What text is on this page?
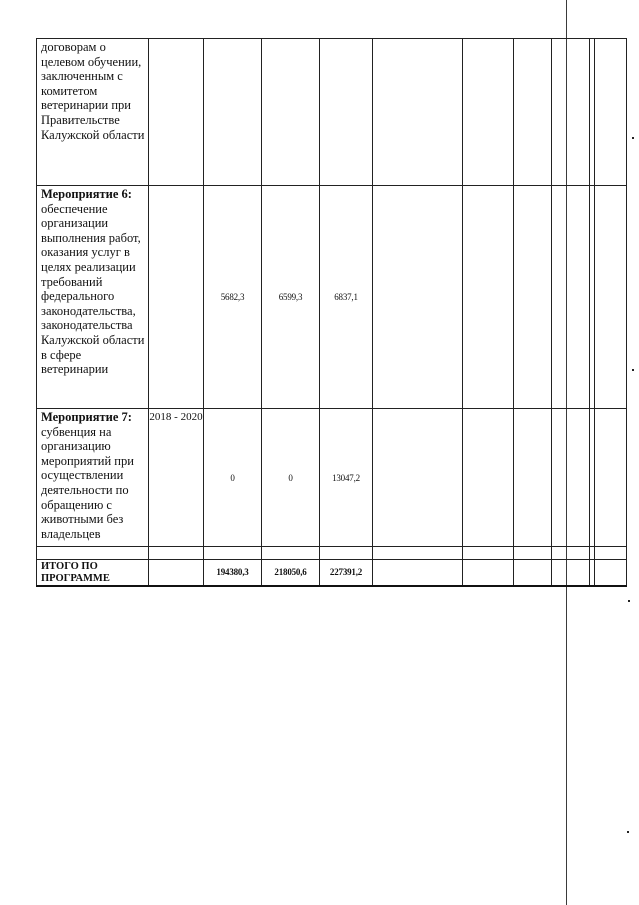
договорам о целевом обучении, заключенным с комитетом ветеринарии при Правительстве Калужской области										
Мероприятие 6:
обеспечение организации выполнения работ, оказания услуг в целях реализации требований федерального законодательства, законодательства Калужской области в сфере ветеринарии		5682,3	6599,3	6837,1						
Мероприятие 7:
субвенция на организацию мероприятий при осуществлении деятельности по обращению с животными без владельцев	2018 - 2020	0	0	13047,2						

ИТОГО ПО ПРОГРАММЕ		194380,3	218050,6	227391,2						
